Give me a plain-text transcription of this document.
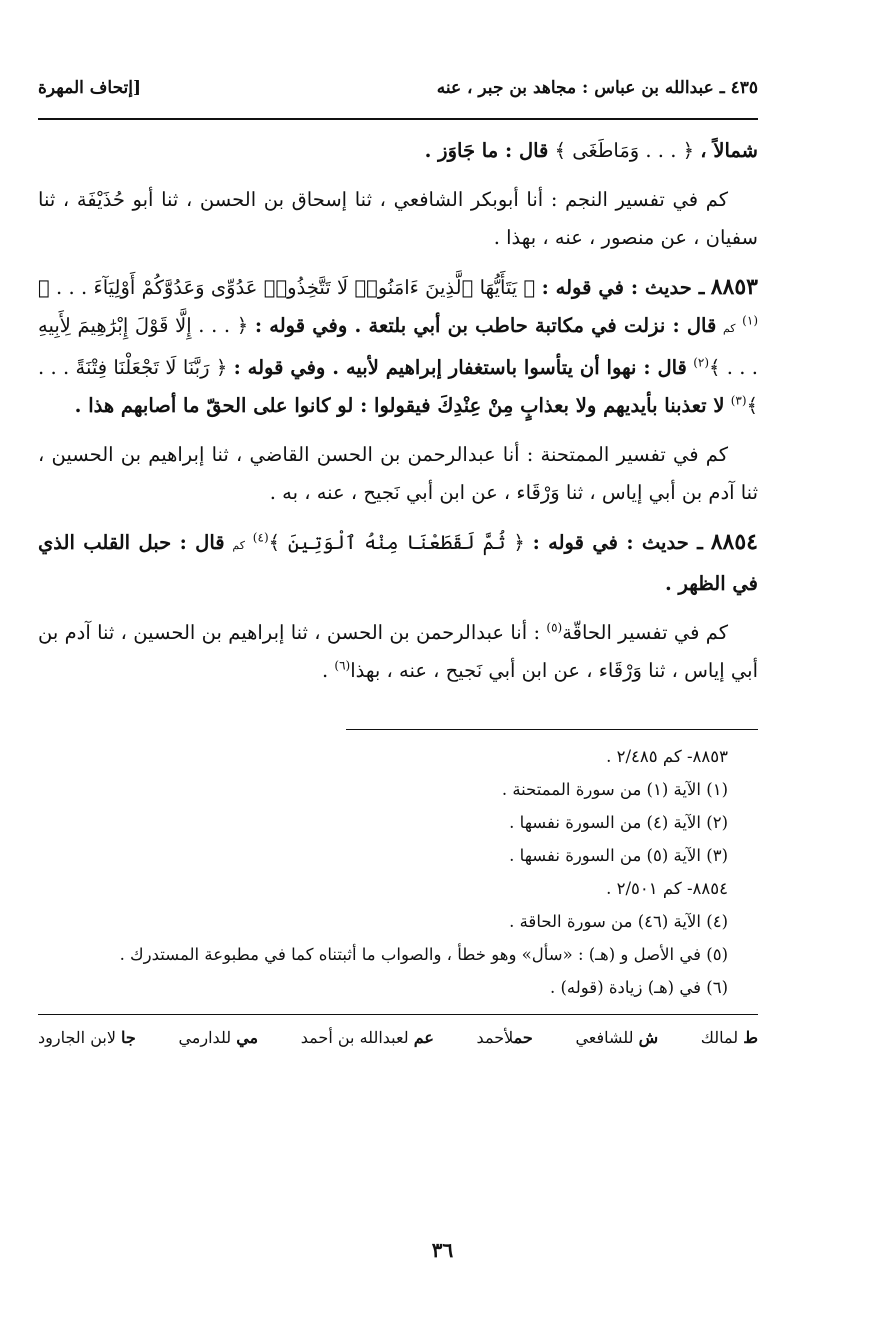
٤٣٥ ـ عبدالله بن عباس : مجاهد بن جبر ، عنه
[إتحاف المهرة

شمالاً ، ﴿ . . . وَمَاطَغَى ﴾ قال : ما جَاوَز .

كم في تفسير النجم : أنا أبوبكر الشافعي ، ثنا إسحاق بن الحسن ، ثنا أبو حُذَيْفَة ، ثنا سفيان ، عن منصور ، عنه ، بهذا .

٨٨٥٣ ـ حديث : في قوله : ﴿ يَتَأَيُّهَا ٱلَّذِينَ ءَامَنُوا۟ لَا تَتَّخِذُوا۟ عَدُوِّى وَعَدُوَّكُمْ أَوْلِيَآءَ . . . ﴾$^{(١)}$ كم قال : نزلت في مكاتبة حاطب بن أبي بلتعة . وفي قوله : ﴿ . . . إِلَّا قَوْلَ إِبْرَٰهِيمَ لِأَبِيهِ . . . ﴾$^{(٢)}$ قال : نهوا أن يتأسوا باستغفار إبراهيم لأبيه . وفي قوله : ﴿ رَبَّنَا لَا تَجْعَلْنَا فِتْنَةً . . . ﴾$^{(٣)}$ لا تعذبنا بأيديهم ولا بعذابٍ مِنْ عِنْدِكَ فيقولوا : لو كانوا على الحقّ ما أصابهم هذا .

كم في تفسير الممتحنة : أنا عبدالرحمن بن الحسن القاضي ، ثنا إبراهيم بن الحسين ، ثنا آدم بن أبي إياس ، ثنا وَرْقَاء ، عن ابن أبي نَجيح ، عنه ، به .

٨٨٥٤ ـ حديث : في قوله : ﴿ ثُمَّ لَقَطَعْنَا مِنْهُ ٱلْوَتِينَ ﴾$^{(٤)}$ كم قال : حبل القلب الذي في الظهر .

كم في تفسير الحاقّة$^{(٥)}$ : أنا عبدالرحمن بن الحسن ، ثنا إبراهيم بن الحسين ، ثنا آدم بن أبي إياس ، ثنا وَرْقَاء ، عن ابن أبي نَجيح ، عنه ، بهذا$^{(٦)}$ .

٨٨٥٣- كم ٢/٤٨٥ .

(١) الآية (١) من سورة الممتحنة .

(٢) الآية (٤) من السورة نفسها .

(٣) الآية (٥) من السورة نفسها .

٨٨٥٤- كم ٢/٥٠١ .

(٤) الآية (٤٦) من سورة الحاقة .

(٥) في الأصل و (هـ) : «سأل» وهو خطأ ، والصواب ما أثبتناه كما في مطبوعة المستدرك .

(٦) في (هـ) زيادة (قوله) .

ط لمالك
ش للشافعي
حملأحمد
عم لعبدالله بن أحمد
مي للدارمي
جا لابن الجارود
٣٦
